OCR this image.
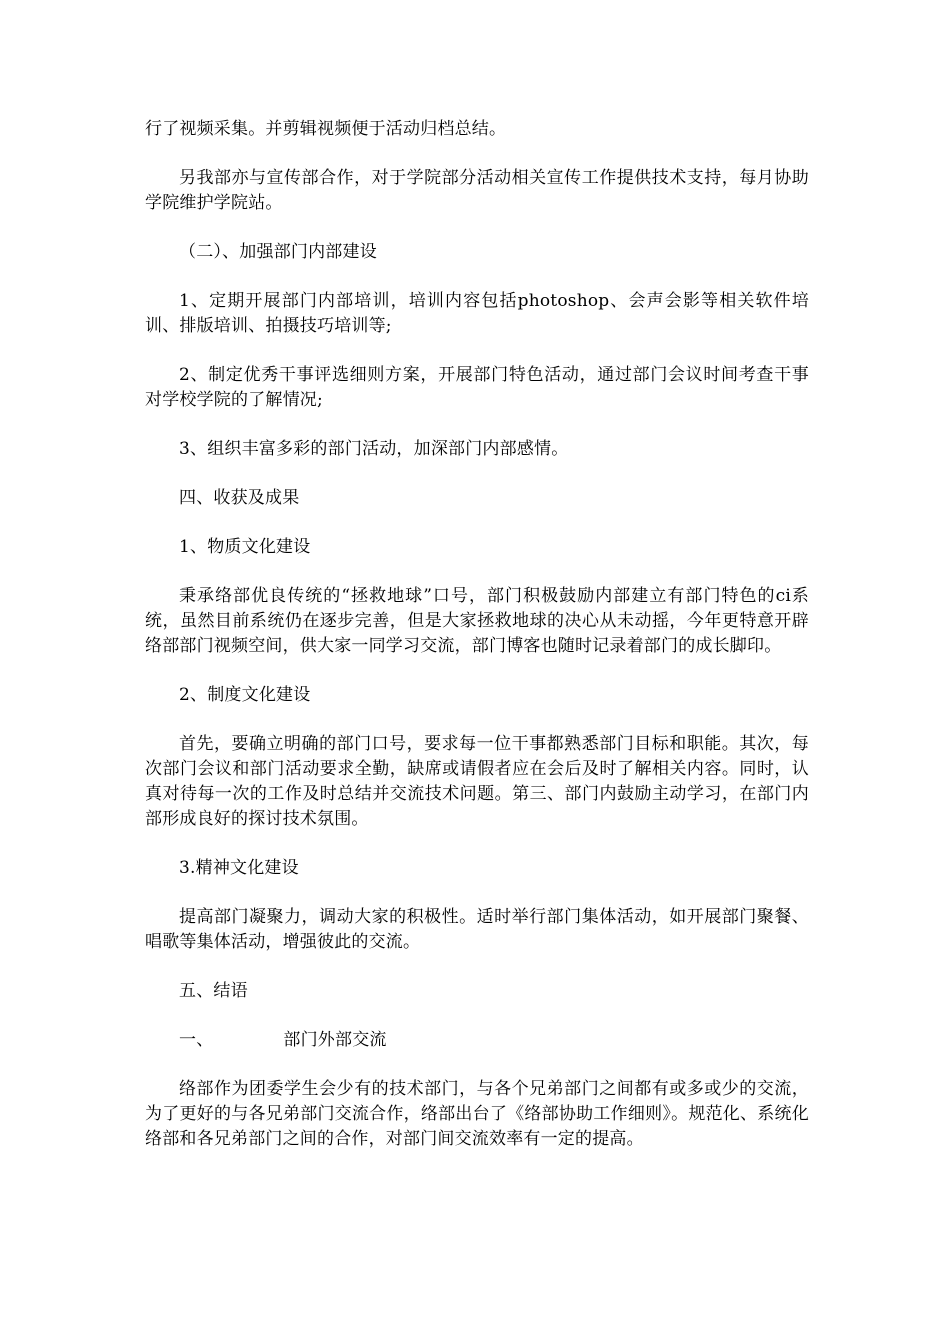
行了视频采集。并剪辑视频便于活动归档总结。

另我部亦与宣传部合作，对于学院部分活动相关宣传工作提供技术支持，每月协助学院维护学院站。

（二）、加强部门内部建设

1、定期开展部门内部培训，培训内容包括photoshop、会声会影等相关软件培训、排版培训、拍摄技巧培训等;

2、制定优秀干事评选细则方案，开展部门特色活动，通过部门会议时间考查干事对学校学院的了解情况;

3、组织丰富多彩的部门活动，加深部门内部感情。

四、收获及成果

1、物质文化建设

秉承络部优良传统的“拯救地球”口号，部门积极鼓励内部建立有部门特色的ci系统，虽然目前系统仍在逐步完善，但是大家拯救地球的决心从未动摇，今年更特意开辟络部部门视频空间，供大家一同学习交流，部门博客也随时记录着部门的成长脚印。

2、制度文化建设

首先，要确立明确的部门口号，要求每一位干事都熟悉部门目标和职能。其次，每次部门会议和部门活动要求全勤，缺席或请假者应在会后及时了解相关内容。同时，认真对待每一次的工作及时总结并交流技术问题。第三、部门内鼓励主动学习，在部门内部形成良好的探讨技术氛围。

3.精神文化建设

提高部门凝聚力，调动大家的积极性。适时举行部门集体活动，如开展部门聚餐、唱歌等集体活动，增强彼此的交流。

五、结语

一、	部门外部交流

络部作为团委学生会少有的技术部门，与各个兄弟部门之间都有或多或少的交流，为了更好的与各兄弟部门交流合作，络部出台了《络部协助工作细则》。规范化、系统化络部和各兄弟部门之间的合作，对部门间交流效率有一定的提高。
